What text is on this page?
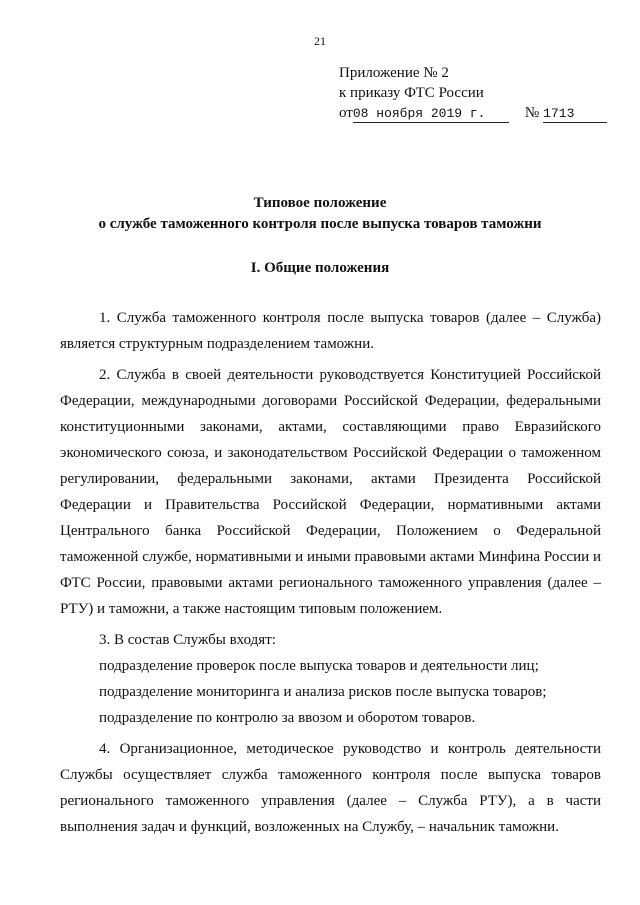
21
Приложение № 2
к приказу ФТС России
от08 ноября 2019 г.	№ 1713
Типовое положение
о службе таможенного контроля после выпуска товаров таможни
I. Общие положения

1. Служба таможенного контроля после выпуска товаров (далее – Служба) является структурным подразделением таможни.

2. Служба в своей деятельности руководствуется Конституцией Российской Федерации, международными договорами Российской Федерации, федеральными конституционными законами, актами, составляющими право Евразийского экономического союза, и законодательством Российской Федерации о таможенном регулировании, федеральными законами, актами Президента Российской Федерации и Правительства Российской Федерации, нормативными актами Центрального банка Российской Федерации, Положением о Федеральной таможенной службе, нормативными и иными правовыми актами Минфина России и ФТС России, правовыми актами регионального таможенного управления (далее – РТУ) и таможни, а также настоящим типовым положением.

3. В состав Службы входят:

подразделение проверок после выпуска товаров и деятельности лиц;

подразделение мониторинга и анализа рисков после выпуска товаров;

подразделение по контролю за ввозом и оборотом товаров.

4. Организационное, методическое руководство и контроль деятельности Службы осуществляет служба таможенного контроля после выпуска товаров регионального таможенного управления (далее – Служба РТУ), а в части выполнения задач и функций, возложенных на Службу, – начальник таможни.
